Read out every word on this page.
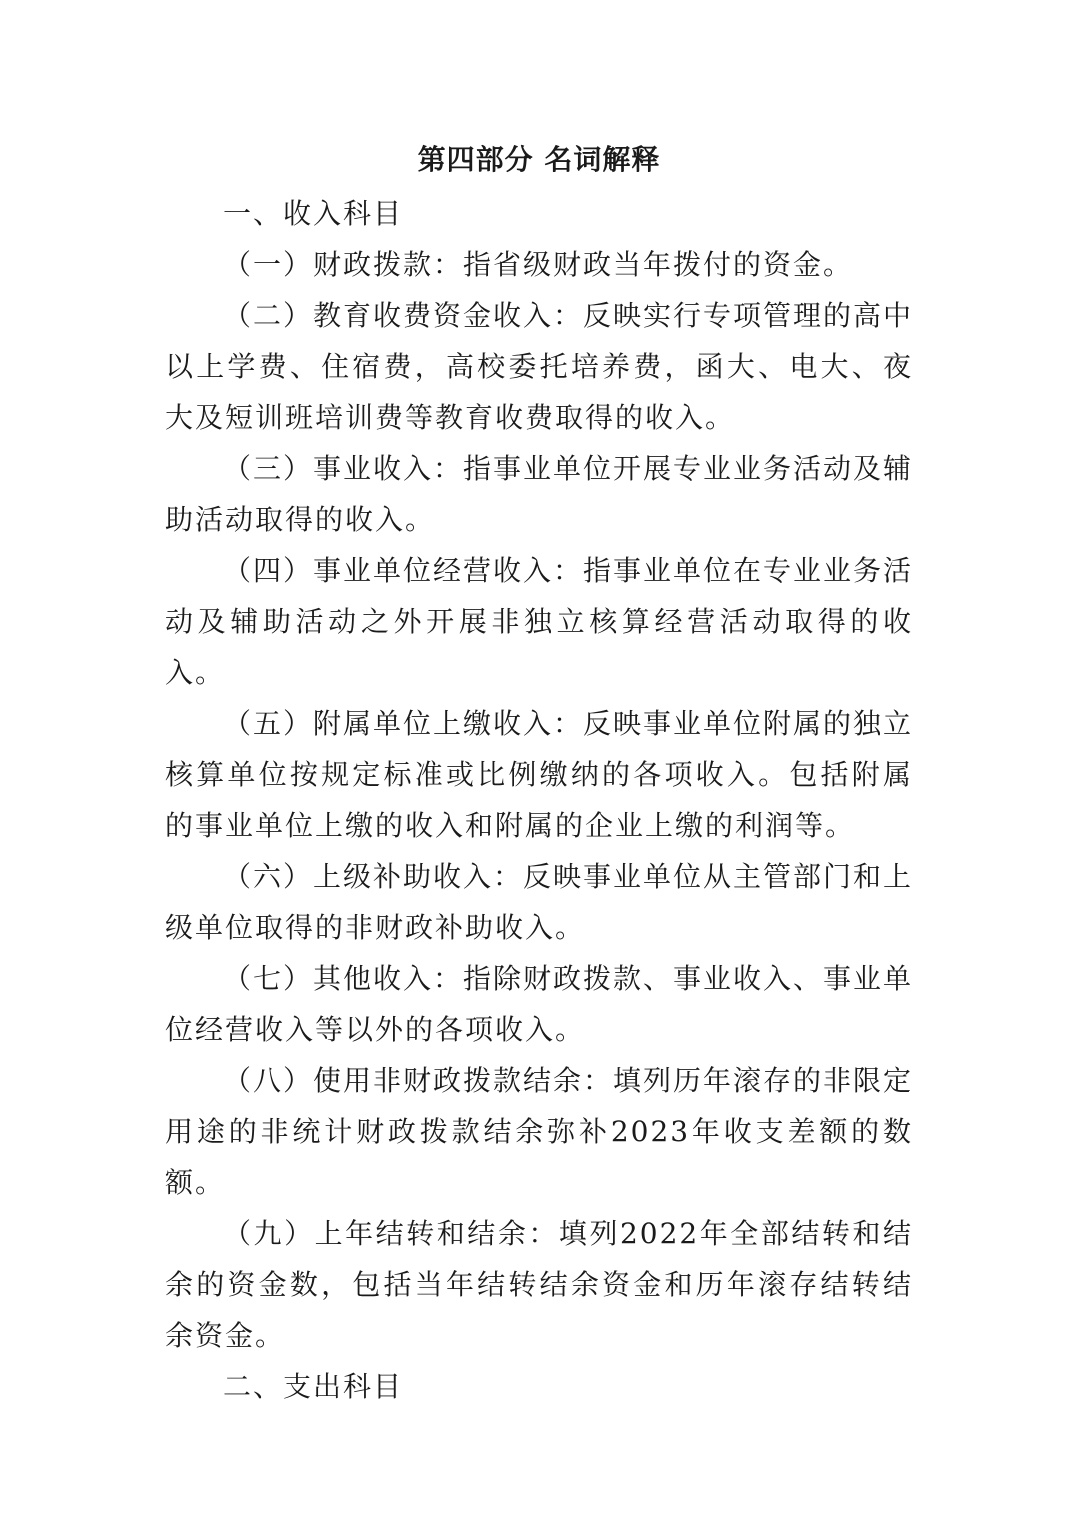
第四部分 名词解释

一、收入科目

（一）财政拨款：指省级财政当年拨付的资金。

（二）教育收费资金收入：反映实行专项管理的高中以上学费、住宿费，高校委托培养费，函大、电大、夜大及短训班培训费等教育收费取得的收入。

（三）事业收入：指事业单位开展专业业务活动及辅助活动取得的收入。

（四）事业单位经营收入：指事业单位在专业业务活动及辅助活动之外开展非独立核算经营活动取得的收入。

（五）附属单位上缴收入：反映事业单位附属的独立核算单位按规定标准或比例缴纳的各项收入。包括附属的事业单位上缴的收入和附属的企业上缴的利润等。

（六）上级补助收入：反映事业单位从主管部门和上级单位取得的非财政补助收入。

（七）其他收入：指除财政拨款、事业收入、事业单位经营收入等以外的各项收入。

（八）使用非财政拨款结余：填列历年滚存的非限定用途的非统计财政拨款结余弥补2023年收支差额的数额。

（九）上年结转和结余：填列2022年全部结转和结余的资金数，包括当年结转结余资金和历年滚存结转结余资金。

二、支出科目
